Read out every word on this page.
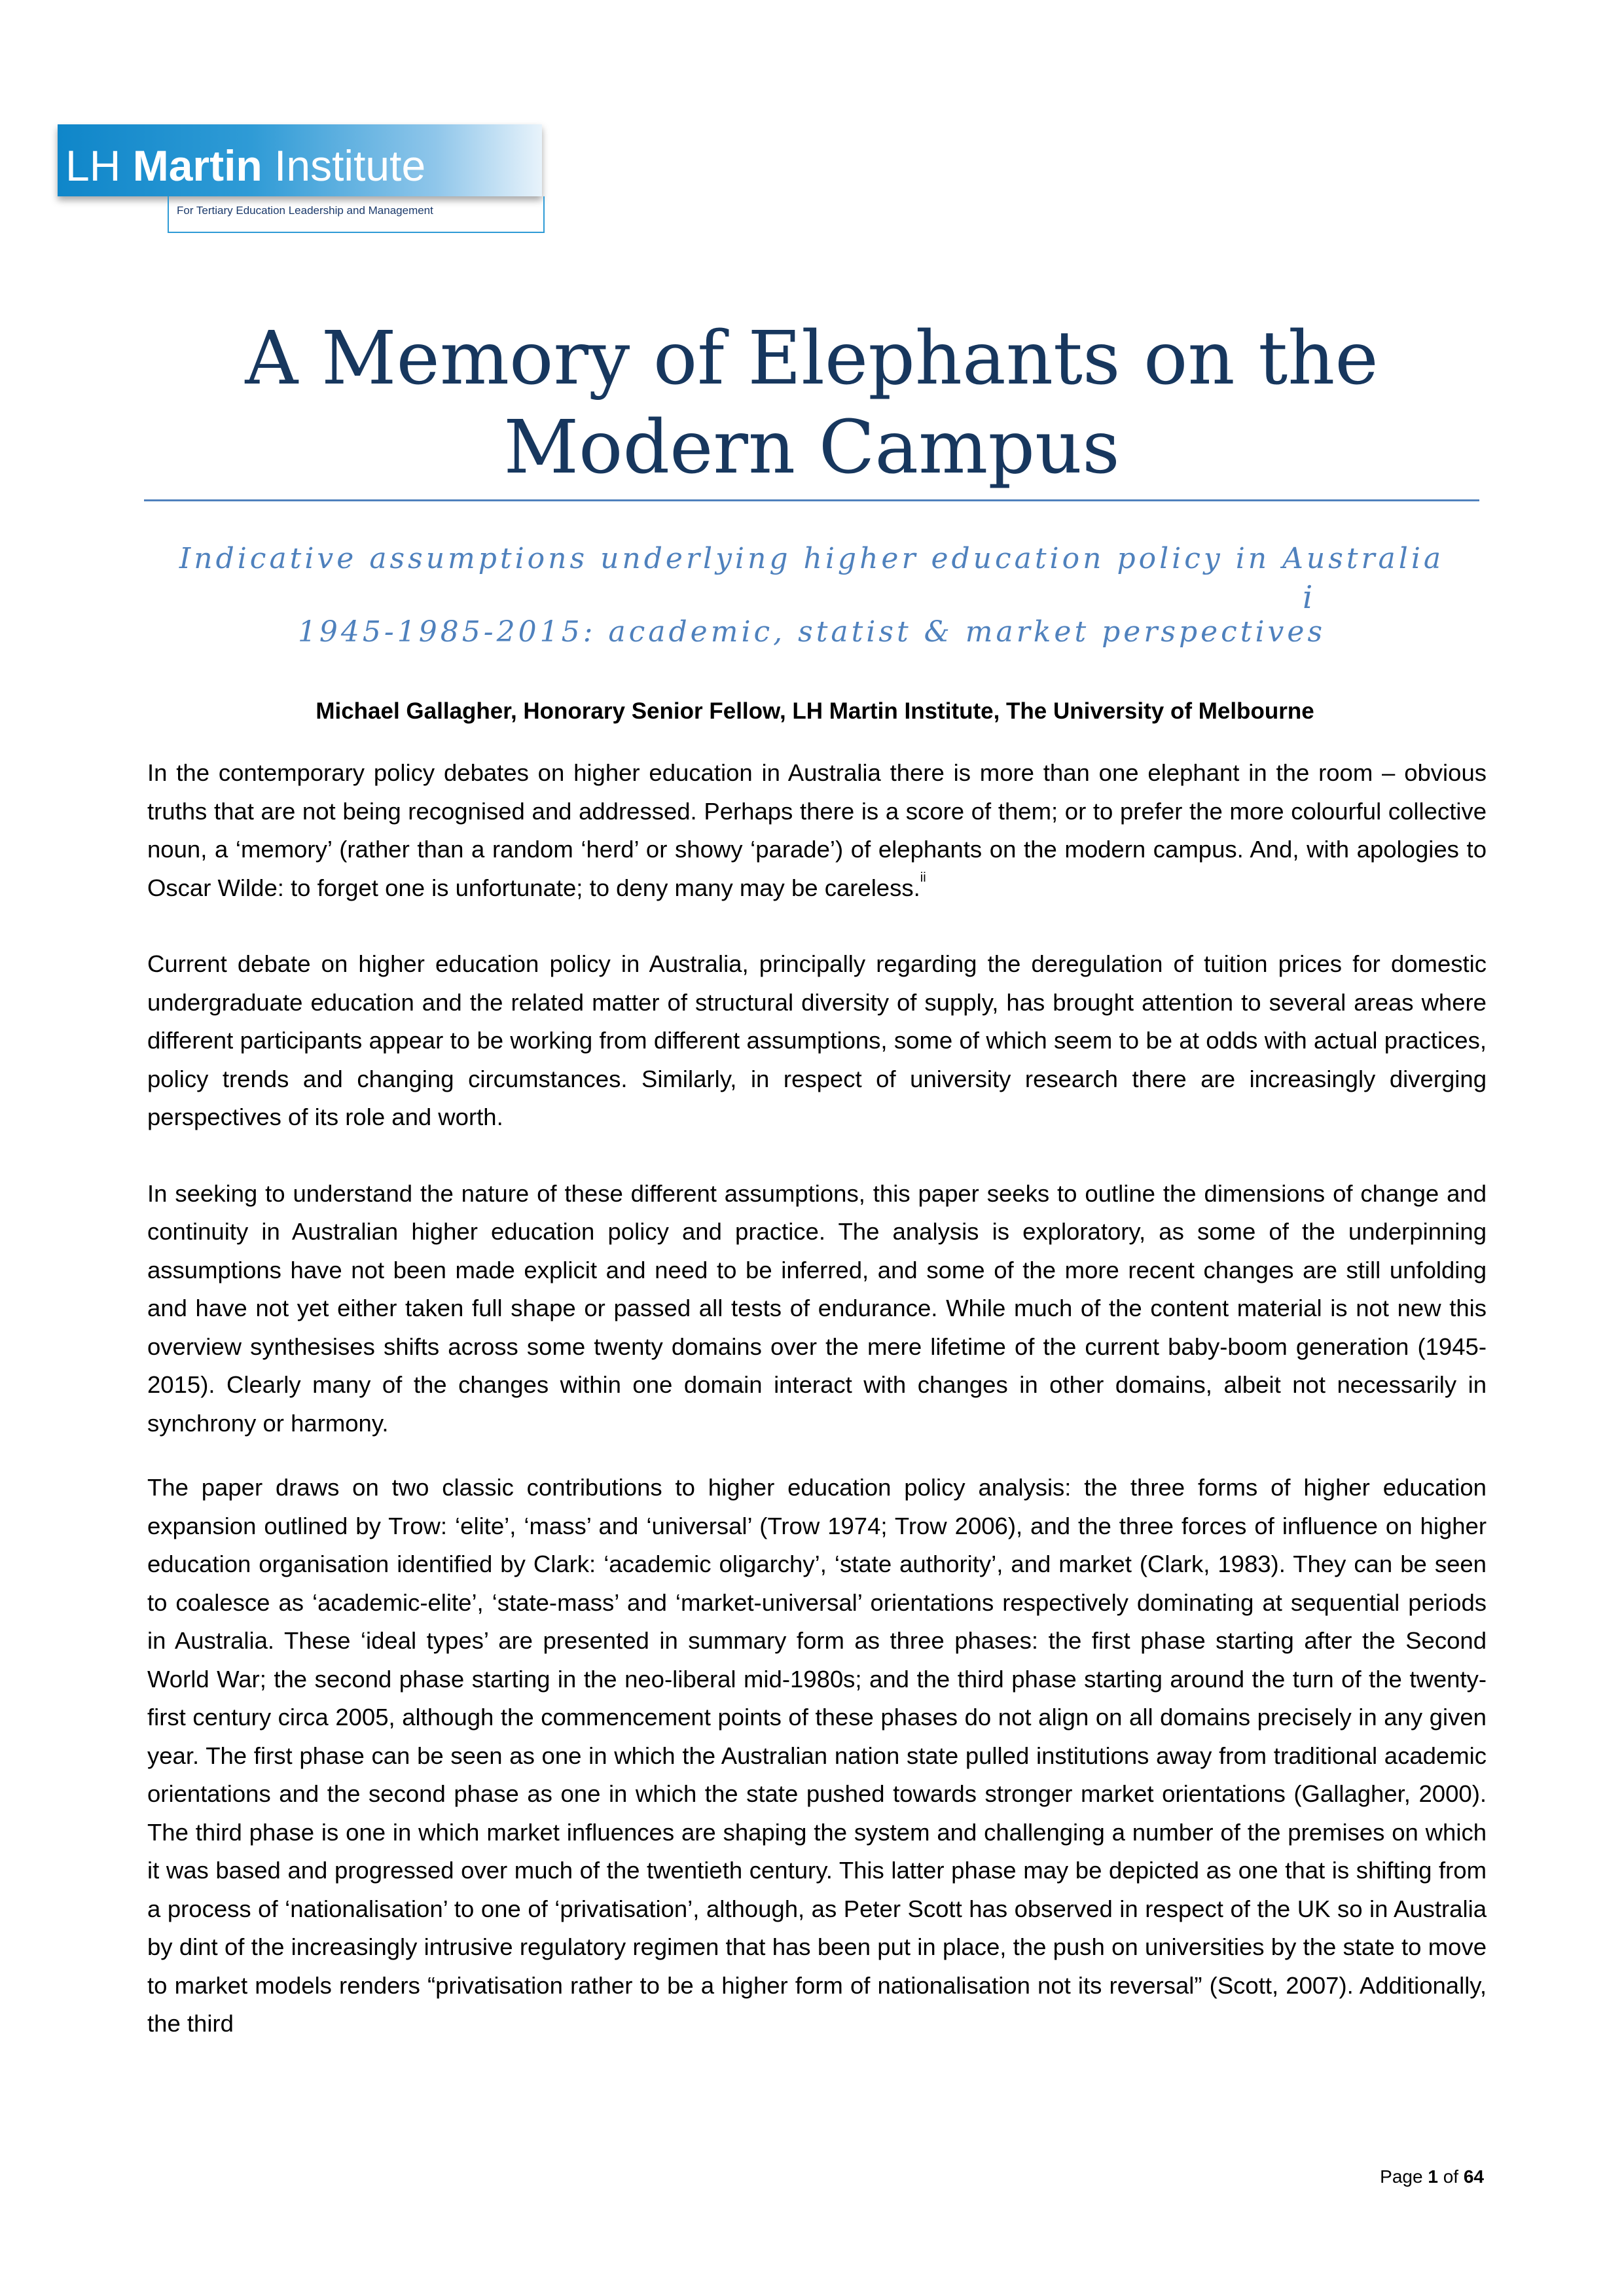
LH Martin Institute
For Tertiary Education Leadership and Management
A Memory of Elephants on the Modern Campus
Indicative assumptions underlying higher education policy in Australia
i
1945-1985-2015: academic, statist & market perspectives
Michael Gallagher, Honorary Senior Fellow, LH Martin Institute, The University of Melbourne

In the contemporary policy debates on higher education in Australia there is more than one elephant in the room – obvious truths that are not being recognised and addressed. Perhaps there is a score of them; or to prefer the more colourful collective noun, a ‘memory’ (rather than a random ‘herd’ or showy ‘parade’) of elephants on the modern campus. And, with apologies to Oscar Wilde: to forget one is unfortunate; to deny many may be careless.$^{ii}$

Current debate on higher education policy in Australia, principally regarding the deregulation of tuition prices for domestic undergraduate education and the related matter of structural diversity of supply, has brought attention to several areas where different participants appear to be working from different assumptions, some of which seem to be at odds with actual practices, policy trends and changing circumstances. Similarly, in respect of university research there are increasingly diverging perspectives of its role and worth.

In seeking to understand the nature of these different assumptions, this paper seeks to outline the dimensions of change and continuity in Australian higher education policy and practice. The analysis is exploratory, as some of the underpinning assumptions have not been made explicit and need to be inferred, and some of the more recent changes are still unfolding and have not yet either taken full shape or passed all tests of endurance. While much of the content material is not new this overview synthesises shifts across some twenty domains over the mere lifetime of the current baby-boom generation (1945-2015). Clearly many of the changes within one domain interact with changes in other domains, albeit not necessarily in synchrony or harmony.

The paper draws on two classic contributions to higher education policy analysis: the three forms of higher education expansion outlined by Trow: ‘elite’, ‘mass’ and ‘universal’ (Trow 1974; Trow 2006), and the three forces of influence on higher education organisation identified by Clark: ‘academic oligarchy’, ‘state authority’, and market (Clark, 1983). They can be seen to coalesce as ‘academic-elite’, ‘state-mass’ and ‘market-universal’ orientations respectively dominating at sequential periods in Australia. These ‘ideal types’ are presented in summary form as three phases: the first phase starting after the Second World War; the second phase starting in the neo-liberal mid-1980s; and the third phase starting around the turn of the twenty-first century circa 2005, although the commencement points of these phases do not align on all domains precisely in any given year. The first phase can be seen as one in which the Australian nation state pulled institutions away from traditional academic orientations and the second phase as one in which the state pushed towards stronger market orientations (Gallagher, 2000). The third phase is one in which market influences are shaping the system and challenging a number of the premises on which it was based and progressed over much of the twentieth century. This latter phase may be depicted as one that is shifting from a process of ‘nationalisation’ to one of ‘privatisation’, although, as Peter Scott has observed in respect of the UK so in Australia by dint of the increasingly intrusive regulatory regimen that has been put in place, the push on universities by the state to move to market models renders “privatisation rather to be a higher form of nationalisation not its reversal” (Scott, 2007). Additionally, the third

Page 1 of 64
